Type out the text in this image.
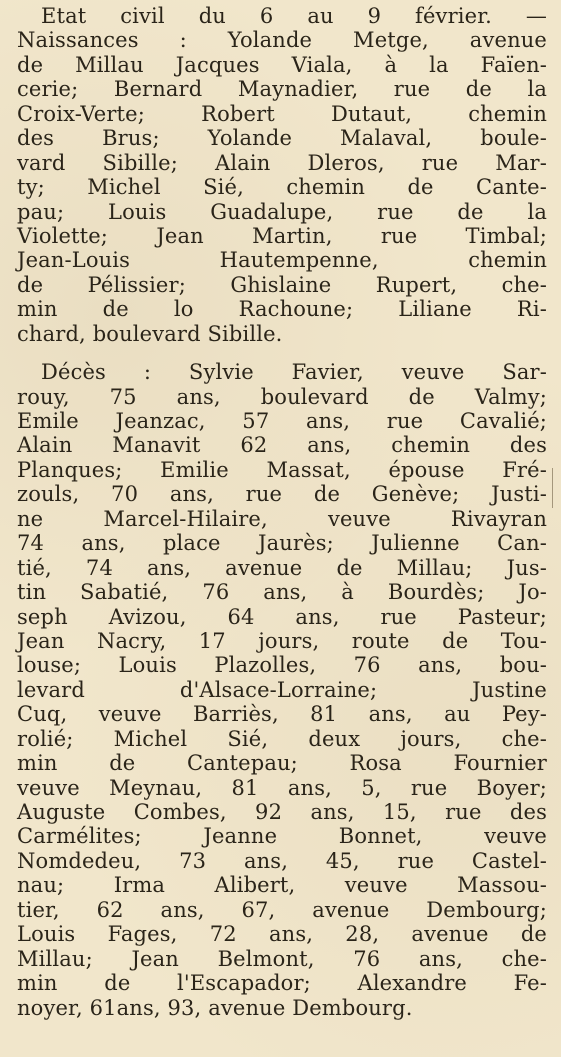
Etat civil du 6 au 9 février. —
Naissances : Yolande Metge, avenue
de Millau Jacques Viala, à la Faïen-
cerie; Bernard Maynadier, rue de la
Croix-Verte; Robert Dutaut, chemin
des Brus; Yolande Malaval, boule-
vard Sibille; Alain Dleros, rue Mar-
ty; Michel Sié, chemin de Cante-
pau; Louis Guadalupe, rue de la
Violette; Jean Martin, rue Timbal;
Jean-Louis Hautempenne, chemin
de Pélissier; Ghislaine Rupert, che-
min de lo Rachoune; Liliane Ri-
chard, boulevard Sibille.
Décès : Sylvie Favier, veuve Sar-
rouy, 75 ans, boulevard de Valmy;
Emile Jeanzac, 57 ans, rue Cavalié;
Alain Manavit 62 ans, chemin des
Planques; Emilie Massat, épouse Fré-
zouls, 70 ans, rue de Genève; Justi-
ne Marcel-Hilaire, veuve Rivayran
74 ans, place Jaurès; Julienne Can-
tié, 74 ans, avenue de Millau; Jus-
tin Sabatié, 76 ans, à Bourdès; Jo-
seph Avizou, 64 ans, rue Pasteur;
Jean Nacry, 17 jours, route de Tou-
louse; Louis Plazolles, 76 ans, bou-
levard d'Alsace-Lorraine; Justine
Cuq, veuve Barriès, 81 ans, au Pey-
rolié; Michel Sié, deux jours, che-
min de Cantepau; Rosa Fournier
veuve Meynau, 81 ans, 5, rue Boyer;
Auguste Combes, 92 ans, 15, rue des
Carmélites; Jeanne Bonnet, veuve
Nomdedeu, 73 ans, 45, rue Castel-
nau; Irma Alibert, veuve Massou-
tier, 62 ans, 67, avenue Dembourg;
Louis Fages, 72 ans, 28, avenue de
Millau; Jean Belmont, 76 ans, che-
min de l'Escapador; Alexandre Fe-
noyer, 61ans, 93, avenue Dembourg.
